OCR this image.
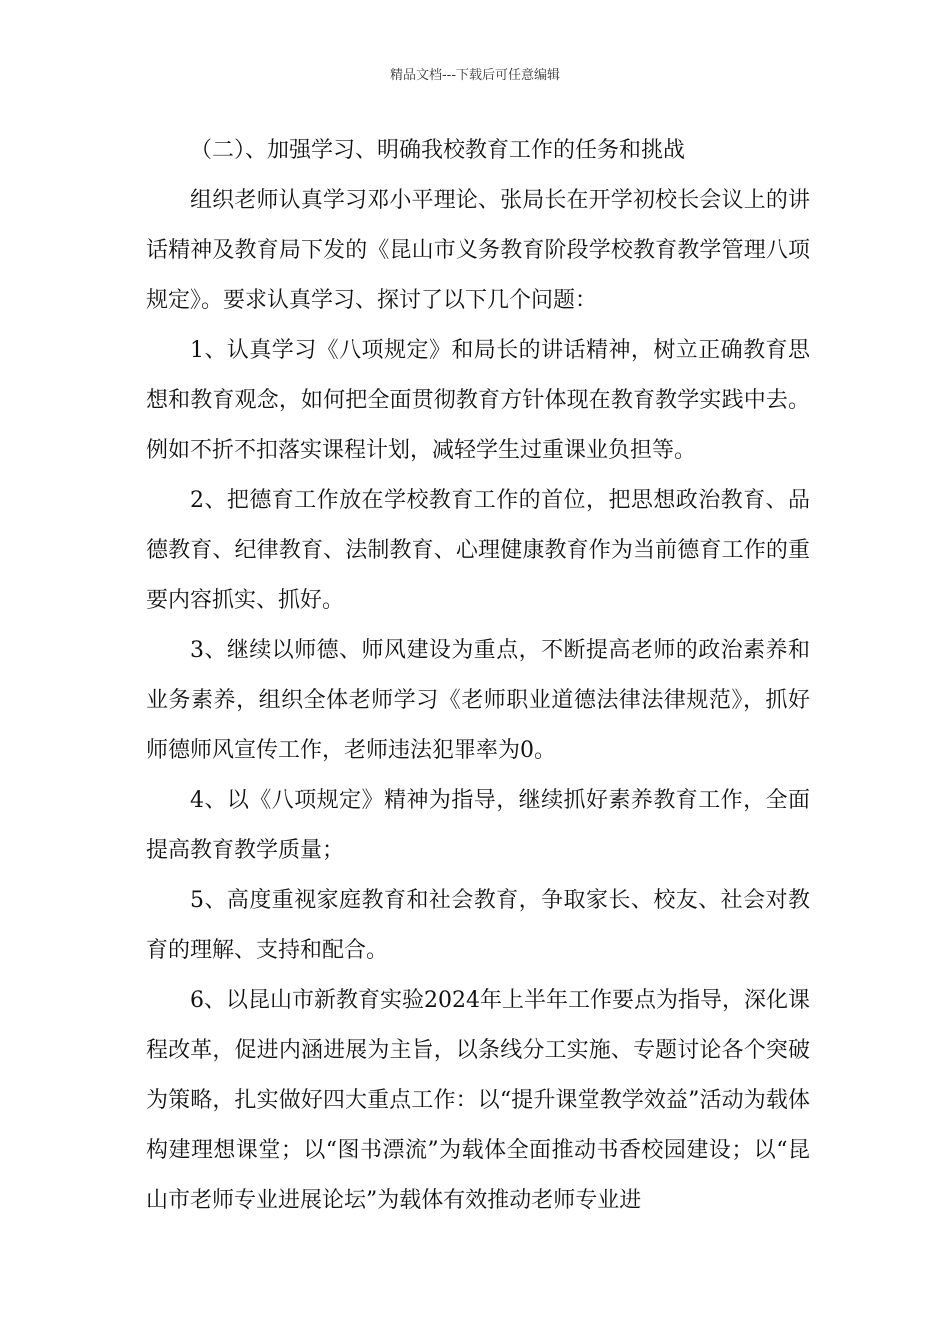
精品文档---下载后可任意编辑

（二）、加强学习、明确我校教育工作的任务和挑战

组织老师认真学习邓小平理论、张局长在开学初校长会议上的讲话精神及教育局下发的《昆山市义务教育阶段学校教育教学管理八项规定》。要求认真学习、探讨了以下几个问题：

1、认真学习《八项规定》和局长的讲话精神，树立正确教育思想和教育观念，如何把全面贯彻教育方针体现在教育教学实践中去。例如不折不扣落实课程计划，减轻学生过重课业负担等。

2、把德育工作放在学校教育工作的首位，把思想政治教育、品德教育、纪律教育、法制教育、心理健康教育作为当前德育工作的重要内容抓实、抓好。

3、继续以师德、师风建设为重点，不断提高老师的政治素养和业务素养，组织全体老师学习《老师职业道德法律法律规范》，抓好师德师风宣传工作，老师违法犯罪率为0。

4、以《八项规定》精神为指导，继续抓好素养教育工作，全面提高教育教学质量；

5、高度重视家庭教育和社会教育，争取家长、校友、社会对教育的理解、支持和配合。

6、以昆山市新教育实验2024年上半年工作要点为指导，深化课程改革，促进内涵进展为主旨，以条线分工实施、专题讨论各个突破为策略，扎实做好四大重点工作：以“提升课堂教学效益”活动为载体构建理想课堂；以“图书漂流”为载体全面推动书香校园建设；以“昆山市老师专业进展论坛”为载体有效推动老师专业进
